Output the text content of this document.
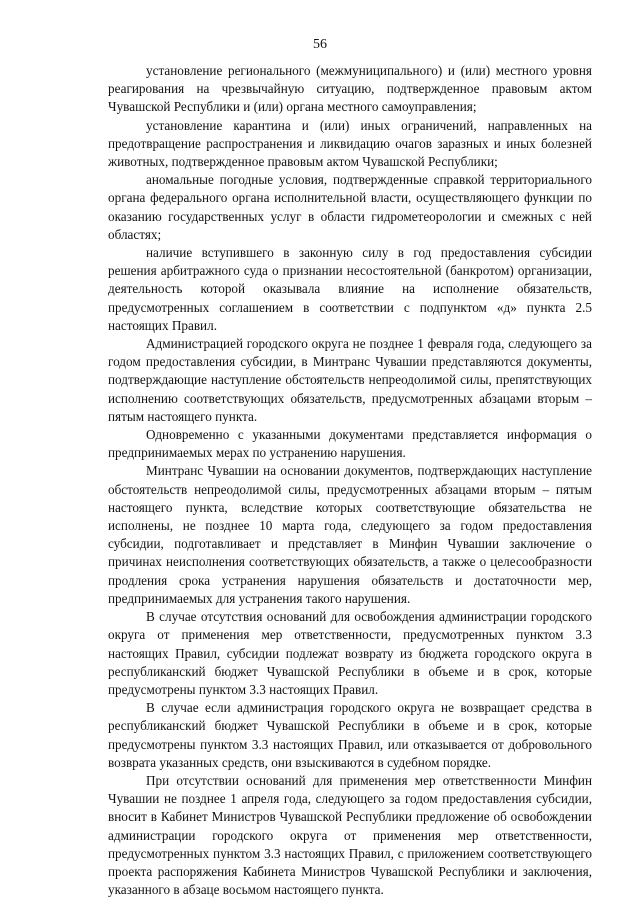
56

установление регионального (межмуниципального) и (или) местного уровня реагирования на чрезвычайную ситуацию, подтвержденное правовым актом Чувашской Республики и (или) органа местного самоуправления;

установление карантина и (или) иных ограничений, направленных на предотвращение распространения и ликвидацию очагов заразных и иных болезней животных, подтвержденное правовым актом Чувашской Республики;

аномальные погодные условия, подтвержденные справкой территориального органа федерального органа исполнительной власти, осуществляющего функции по оказанию государственных услуг в области гидрометеорологии и смежных с ней областях;

наличие вступившего в законную силу в год предоставления субсидии решения арбитражного суда о признании несостоятельной (банкротом) организации, деятельность которой оказывала влияние на исполнение обязательств, предусмотренных соглашением в соответствии с подпунктом «д» пункта 2.5 настоящих Правил.

Администрацией городского округа не позднее 1 февраля года, следующего за годом предоставления субсидии, в Минтранс Чувашии представляются документы, подтверждающие наступление обстоятельств непреодолимой силы, препятствующих исполнению соответствующих обязательств, предусмотренных абзацами вторым – пятым настоящего пункта.

Одновременно с указанными документами представляется информация о предпринимаемых мерах по устранению нарушения.

Минтранс Чувашии на основании документов, подтверждающих наступление обстоятельств непреодолимой силы, предусмотренных абзацами вторым – пятым настоящего пункта, вследствие которых соответствующие обязательства не исполнены, не позднее 10 марта года, следующего за годом предоставления субсидии, подготавливает и представляет в Минфин Чувашии заключение о причинах неисполнения соответствующих обязательств, а также о целесообразности продления срока устранения нарушения обязательств и достаточности мер, предпринимаемых для устранения такого нарушения.

В случае отсутствия оснований для освобождения администрации городского округа от применения мер ответственности, предусмотренных пунктом 3.3 настоящих Правил, субсидии подлежат возврату из бюджета городского округа в республиканский бюджет Чувашской Республики в объеме и в срок, которые предусмотрены пунктом 3.3 настоящих Правил.

В случае если администрация городского округа не возвращает средства в республиканский бюджет Чувашской Республики в объеме и в срок, которые предусмотрены пунктом 3.3 настоящих Правил, или отказывается от добровольного возврата указанных средств, они взыскиваются в судебном порядке.

При отсутствии оснований для применения мер ответственности Минфин Чувашии не позднее 1 апреля года, следующего за годом предоставления субсидии, вносит в Кабинет Министров Чувашской Республики предложение об освобождении администрации городского округа от применения мер ответственности, предусмотренных пунктом 3.3 настоящих Правил, с приложением соответствующего проекта распоряжения Кабинета Министров Чувашской Республики и заключения, указанного в абзаце восьмом настоящего пункта.
